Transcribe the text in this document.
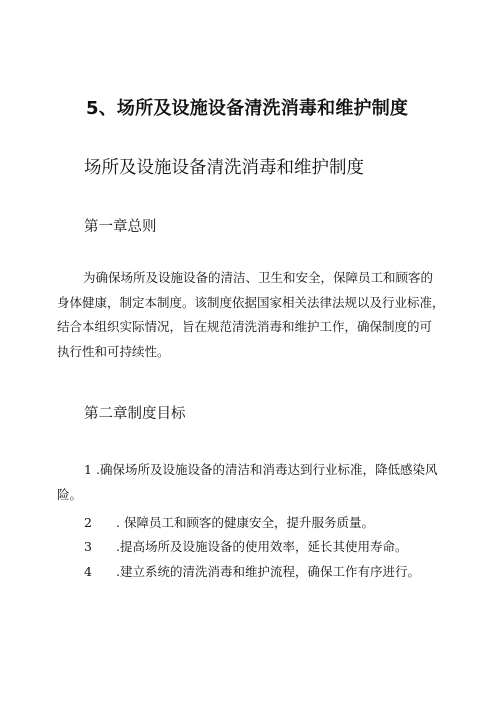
5、场所及设施设备清洗消毒和维护制度
场所及设施设备清洗消毒和维护制度
第一章总则
为确保场所及设施设备的清洁、卫生和安全，保障员工和顾客的
身体健康，制定本制度。该制度依据国家相关法律法规以及行业标准，
结合本组织实际情况，旨在规范清洗消毒和维护工作，确保制度的可
执行性和可持续性。
第二章制度目标
1 .确保场所及设施设备的清洁和消毒达到行业标准，降低感染风
险。
2 . 保障员工和顾客的健康安全，提升服务质量。
3 .提高场所及设施设备的使用效率，延长其使用寿命。
4 .建立系统的清洗消毒和维护流程，确保工作有序进行。
